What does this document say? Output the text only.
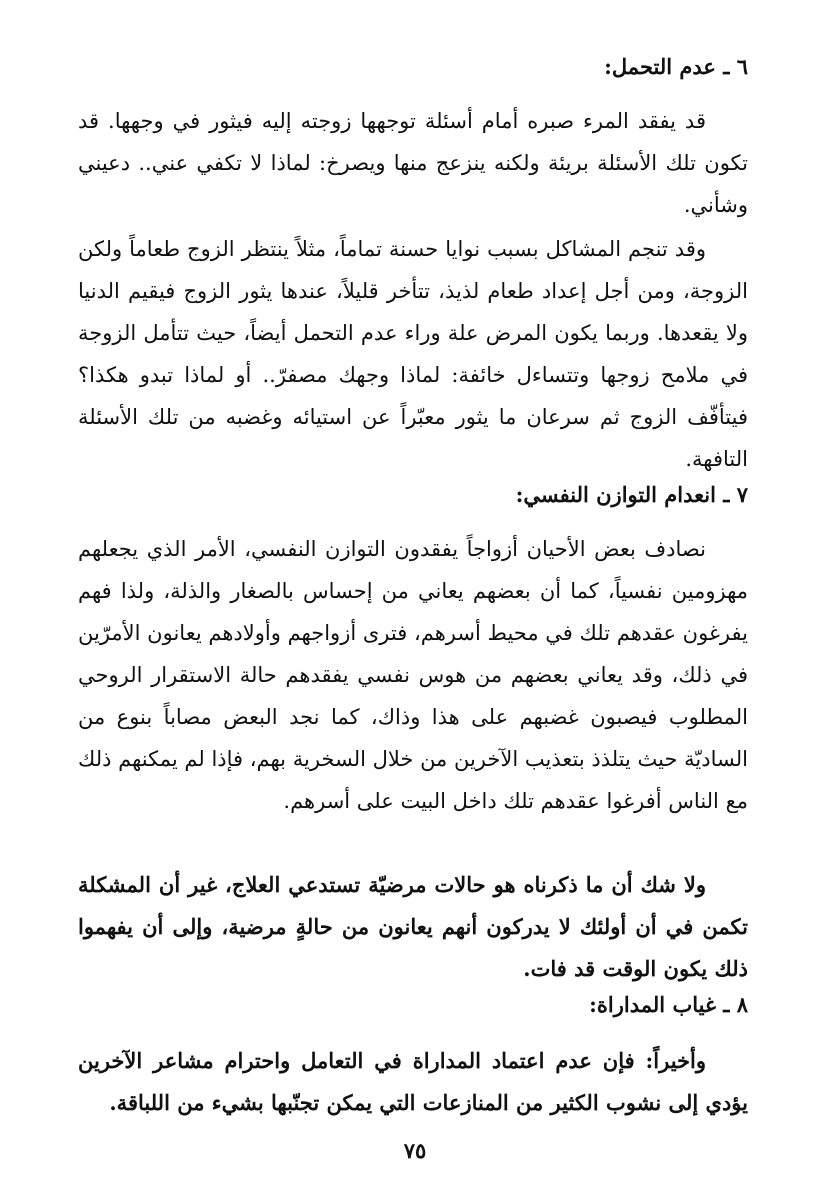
٦ ـ عدم التحمل:
قد يفقد المرء صبره أمام أسئلة توجهها زوجته إليه فيثور في وجهها. قد تكون تلك الأسئلة بريئة ولكنه ينزعج منها ويصرخ: لماذا لا تكفي عني.. دعيني وشأني.
وقد تنجم المشاكل بسبب نوايا حسنة تماماً، مثلاً ينتظر الزوج طعاماً ولكن الزوجة، ومن أجل إعداد طعام لذيذ، تتأخر قليلاً، عندها يثور الزوج فيقيم الدنيا ولا يقعدها. وربما يكون المرض علة وراء عدم التحمل أيضاً، حيث تتأمل الزوجة في ملامح زوجها وتتساءل خائفة: لماذا وجهك مصفرّ.. أو لماذا تبدو هكذا؟ فيتأفّف الزوج ثم سرعان ما يثور معبّراً عن استيائه وغضبه من تلك الأسئلة التافهة.
٧ ـ انعدام التوازن النفسي:
نصادف بعض الأحيان أزواجاً يفقدون التوازن النفسي، الأمر الذي يجعلهم مهزومين نفسياً، كما أن بعضهم يعاني من إحساس بالصغار والذلة، ولذا فهم يفرغون عقدهم تلك في محيط أسرهم، فترى أزواجهم وأولادهم يعانون الأمرّين في ذلك، وقد يعاني بعضهم من هوس نفسي يفقدهم حالة الاستقرار الروحي المطلوب فيصبون غضبهم على هذا وذاك، كما نجد البعض مصاباً بنوع من الساديّة حيث يتلذذ بتعذيب الآخرين من خلال السخرية بهم، فإذا لم يمكنهم ذلك مع الناس أفرغوا عقدهم تلك داخل البيت على أسرهم.
ولا شك أن ما ذكرناه هو حالات مرضيّة تستدعي العلاج، غير أن المشكلة تكمن في أن أولئك لا يدركون أنهم يعانون من حالةٍ مرضية، وإلى أن يفهموا ذلك يكون الوقت قد فات.
٨ ـ غياب المداراة:
وأخيراً: فإن عدم اعتماد المداراة في التعامل واحترام مشاعر الآخرين يؤدي إلى نشوب الكثير من المنازعات التي يمكن تجنّبها بشيء من اللباقة.
٧٥
